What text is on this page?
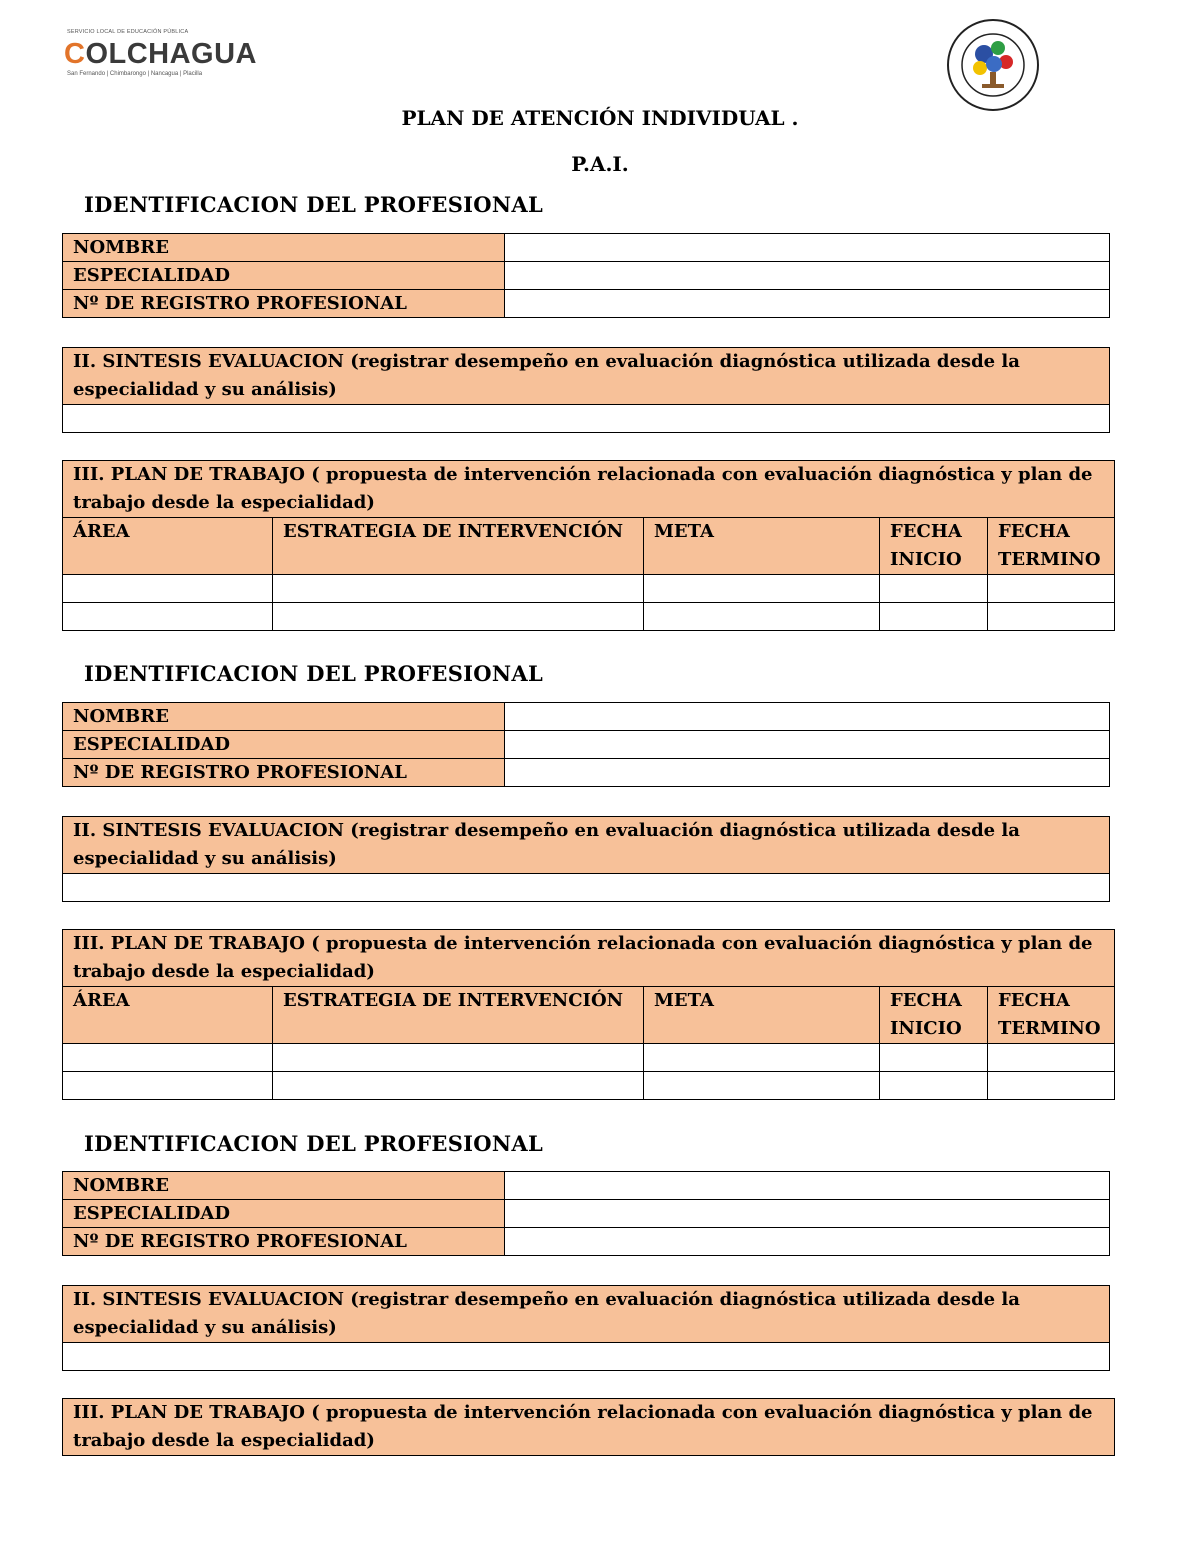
SERVICIO LOCAL DE EDUCACIÓN PÚBLICA
COLCHAGUA
San Fernando | Chimbarongo | Nancagua | Placilla
PLAN DE ATENCIÓN INDIVIDUAL .
P.A.I.
IDENTIFICACION DEL PROFESIONAL
NOMBRE	
ESPECIALIDAD	
Nº DE REGISTRO PROFESIONAL	
II. SINTESIS EVALUACION (registrar desempeño en evaluación diagnóstica utilizada desde la especialidad y su análisis)

III. PLAN DE TRABAJO ( propuesta de intervención relacionada con evaluación diagnóstica y plan de trabajo desde la especialidad)				
ÁREA	ESTRATEGIA DE INTERVENCIÓN	META	FECHA INICIO	FECHA TERMINO

IDENTIFICACION DEL PROFESIONAL
NOMBRE	
ESPECIALIDAD	
Nº DE REGISTRO PROFESIONAL	
II. SINTESIS EVALUACION (registrar desempeño en evaluación diagnóstica utilizada desde la especialidad y su análisis)

III. PLAN DE TRABAJO ( propuesta de intervención relacionada con evaluación diagnóstica y plan de trabajo desde la especialidad)				
ÁREA	ESTRATEGIA DE INTERVENCIÓN	META	FECHA INICIO	FECHA TERMINO

IDENTIFICACION DEL PROFESIONAL
NOMBRE	
ESPECIALIDAD	
Nº DE REGISTRO PROFESIONAL	
II. SINTESIS EVALUACION (registrar desempeño en evaluación diagnóstica utilizada desde la especialidad y su análisis)

III. PLAN DE TRABAJO ( propuesta de intervención relacionada con evaluación diagnóstica y plan de trabajo desde la especialidad)
